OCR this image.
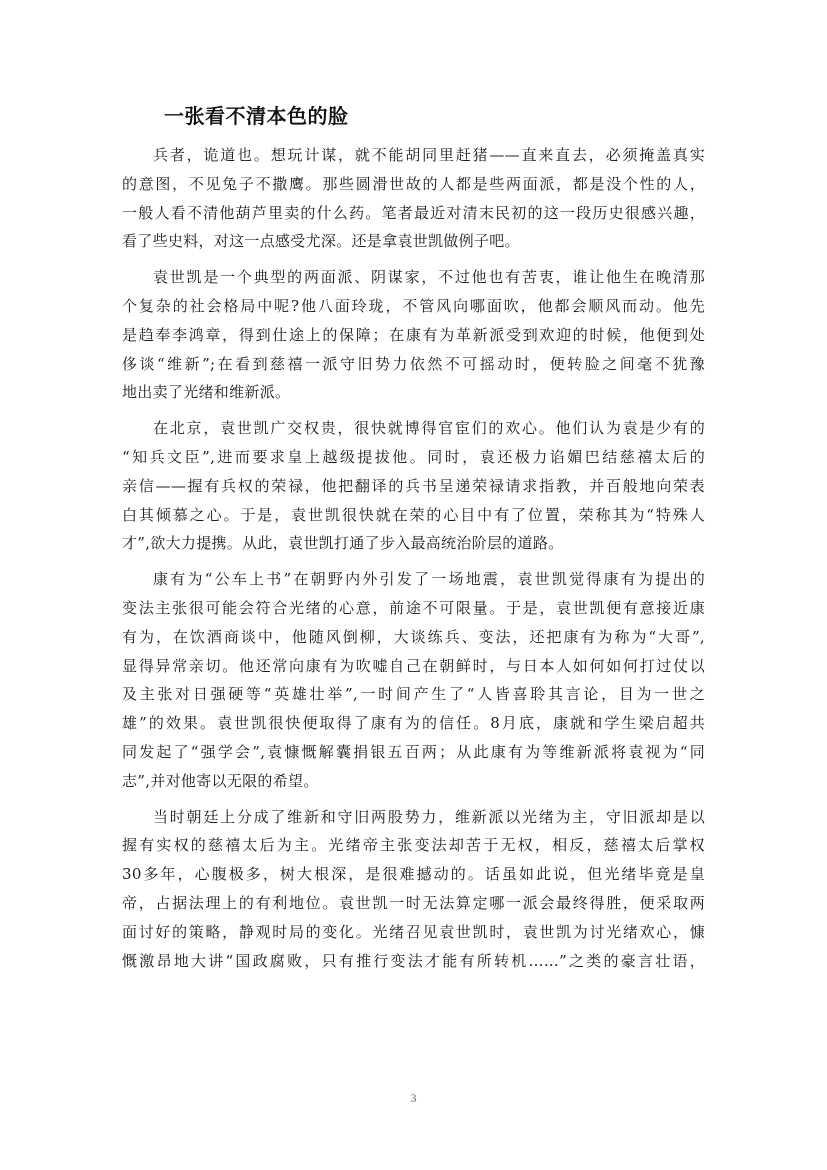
一张看不清本色的脸
兵者，诡道也。想玩计谋，就不能胡同里赶猪——直来直去，必须掩盖真实
的意图，不见兔子不撒鹰。那些圆滑世故的人都是些两面派，都是没个性的人，
一般人看不清他葫芦里卖的什么药。笔者最近对清末民初的这一段历史很感兴趣，
看了些史料，对这一点感受尤深。还是拿袁世凯做例子吧。
袁世凯是一个典型的两面派、阴谋家，不过他也有苦衷，谁让他生在晚清那
个复杂的社会格局中呢?他八面玲珑，不管风向哪面吹，他都会顺风而动。他先
是趋奉李鸿章，得到仕途上的保障；在康有为革新派受到欢迎的时候，他便到处
侈谈“维新”;在看到慈禧一派守旧势力依然不可摇动时，便转脸之间毫不犹豫
地出卖了光绪和维新派。
在北京，袁世凯广交权贵，很快就博得官宦们的欢心。他们认为袁是少有的
“知兵文臣”,进而要求皇上越级提拔他。同时，袁还极力谄媚巴结慈禧太后的
亲信——握有兵权的荣禄，他把翻译的兵书呈递荣禄请求指教，并百般地向荣表
白其倾慕之心。于是，袁世凯很快就在荣的心目中有了位置，荣称其为“特殊人
才”,欲大力提携。从此，袁世凯打通了步入最高统治阶层的道路。
康有为“公车上书”在朝野内外引发了一场地震，袁世凯觉得康有为提出的
变法主张很可能会符合光绪的心意，前途不可限量。于是，袁世凯便有意接近康
有为，在饮酒商谈中，他随风倒柳，大谈练兵、变法，还把康有为称为“大哥”,
显得异常亲切。他还常向康有为吹嘘自己在朝鲜时，与日本人如何如何打过仗以
及主张对日强硬等“英雄壮举”,一时间产生了“人皆喜聆其言论，目为一世之
雄”的效果。袁世凯很快便取得了康有为的信任。8月底，康就和学生梁启超共
同发起了“强学会”,袁慷慨解囊捐银五百两；从此康有为等维新派将袁视为“同
志”,并对他寄以无限的希望。
当时朝廷上分成了维新和守旧两股势力，维新派以光绪为主，守旧派却是以
握有实权的慈禧太后为主。光绪帝主张变法却苦于无权，相反，慈禧太后掌权
30多年，心腹极多，树大根深，是很难撼动的。话虽如此说，但光绪毕竟是皇
帝，占据法理上的有利地位。袁世凯一时无法算定哪一派会最终得胜，便采取两
面讨好的策略，静观时局的变化。光绪召见袁世凯时，袁世凯为讨光绪欢心，慷
慨激昂地大讲“国政腐败，只有推行变法才能有所转机……”之类的豪言壮语，
3
